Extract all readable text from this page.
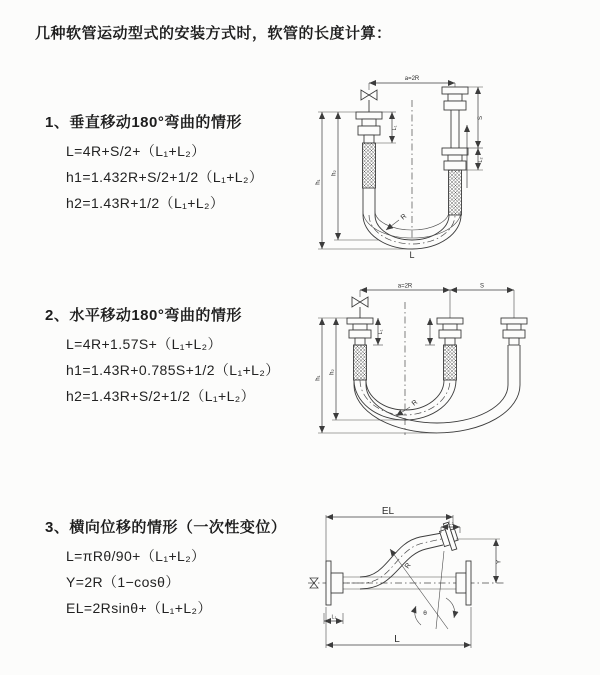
几种软管运动型式的安装方式时，软管的长度计算：
1、垂直移动180°弯曲的情形
L=4R+S/2+（L₁+L₂）
h1=1.432R+S/2+1/2（L₁+L₂）
h2=1.43R+1/2（L₁+L₂）
2、水平移动180°弯曲的情形
L=4R+1.57S+（L₁+L₂）
h1=1.43R+0.785S+1/2（L₁+L₂）
h2=1.43R+S/2+1/2（L₁+L₂）
3、横向位移的情形（一次性变位）
L=πRθ/90+（L₁+L₂）
Y=2R（1−cosθ）
EL=2Rsinθ+（L₁+L₂）
a=2R
h₁
h₂
L₁
S
L₂
R
L
a=2R	S
h₁
h₂
L₁
R
θ
R
EL
L₂
Y
L
L₁
